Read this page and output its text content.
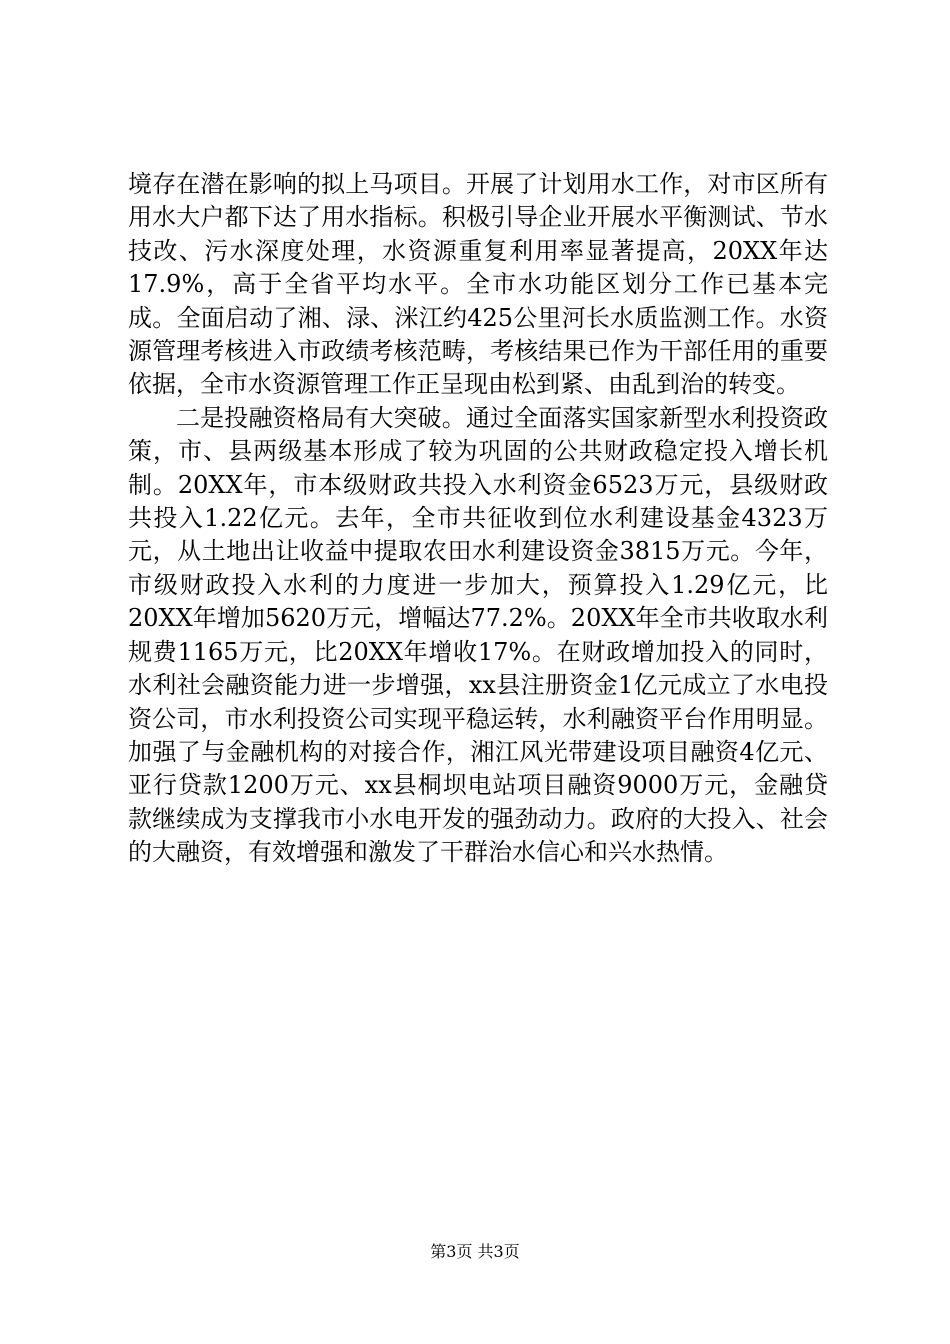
境存在潜在影响的拟上马项目。开展了计划用水工作，对市区所有用水大户都下达了用水指标。积极引导企业开展水平衡测试、节水技改、污水深度处理，水资源重复利用率显著提高，20XX年达17.9%，高于全省平均水平。全市水功能区划分工作已基本完成。全面启动了湘、渌、洣江约425公里河长水质监测工作。水资源管理考核进入市政绩考核范畴，考核结果已作为干部任用的重要依据，全市水资源管理工作正呈现由松到紧、由乱到治的转变。

二是投融资格局有大突破。通过全面落实国家新型水利投资政策，市、县两级基本形成了较为巩固的公共财政稳定投入增长机制。20XX年，市本级财政共投入水利资金6523万元，县级财政共投入1.22亿元。去年，全市共征收到位水利建设基金4323万元，从土地出让收益中提取农田水利建设资金3815万元。今年，市级财政投入水利的力度进一步加大，预算投入1.29亿元，比20XX年增加5620万元，增幅达77.2%。20XX年全市共收取水利规费1165万元，比20XX年增收17%。在财政增加投入的同时，水利社会融资能力进一步增强，xx县注册资金1亿元成立了水电投资公司，市水利投资公司实现平稳运转，水利融资平台作用明显。加强了与金融机构的对接合作，湘江风光带建设项目融资4亿元、亚行贷款1200万元、xx县桐坝电站项目融资9000万元，金融贷款继续成为支撑我市小水电开发的强劲动力。政府的大投入、社会的大融资，有效增强和激发了干群治水信心和兴水热情。

第3页 共3页
